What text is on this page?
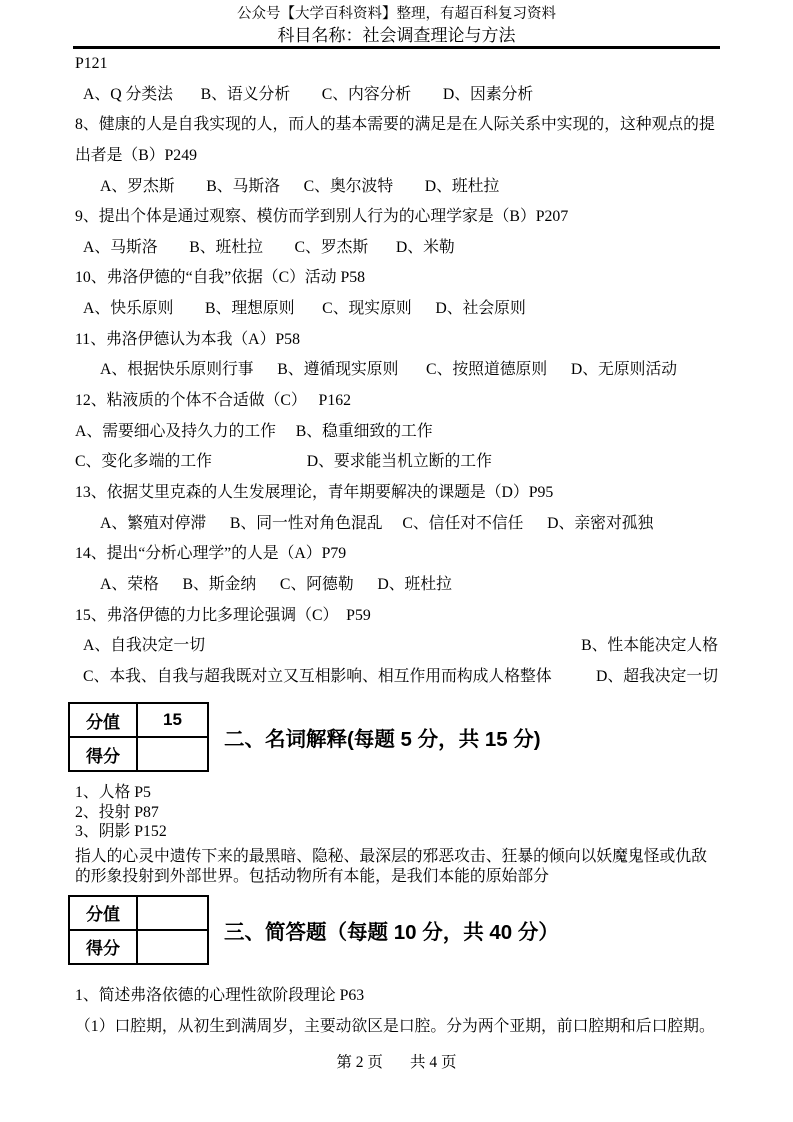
公众号【大学百科资料】整理，有超百科复习资料
科目名称：社会调查理论与方法

P121

A、Q 分类法       B、语义分析        C、内容分析        D、因素分析

8、健康的人是自我实现的人，而人的基本需要的满足是在人际关系中实现的，这种观点的提

出者是（B）P249

A、罗杰斯        B、马斯洛      C、奥尔波特        D、班杜拉

9、提出个体是通过观察、模仿而学到别人行为的心理学家是（B）P207

A、马斯洛        B、班杜拉        C、罗杰斯       D、米勒

10、弗洛伊德的“自我”依据（C）活动 P58

A、快乐原则        B、理想原则       C、现实原则      D、社会原则

11、弗洛伊德认为本我（A）P58

A、根据快乐原则行事      B、遵循现实原则       C、按照道德原则      D、无原则活动

12、粘液质的个体不合适做（C）   P162

A、需要细心及持久力的工作     B、稳重细致的工作

C、变化多端的工作                        D、要求能当机立断的工作

13、依据艾里克森的人生发展理论，青年期要解决的课题是（D）P95

A、繁殖对停滞      B、同一性对角色混乱     C、信任对不信任      D、亲密对孤独

14、提出“分析心理学”的人是（A）P79

A、荣格      B、斯金纳      C、阿德勒      D、班杜拉

15、弗洛伊德的力比多理论强调（C）  P59

A、自我决定一切	B、性本能决定人格

C、本我、自我与超我既对立又互相影响、相互作用而构成人格整体	D、超我决定一切

分值	15
得分	
二、名词解释(每题 5 分，共 15 分)

1、人格 P5

2、投射 P87

3、阴影 P152

指人的心灵中遗传下来的最黑暗、隐秘、最深层的邪恶攻击、狂暴的倾向以妖魔鬼怪或仇敌

的形象投射到外部世界。包括动物所有本能，是我们本能的原始部分

分值	
得分	
三、简答题（每题 10 分，共 40 分）

1、简述弗洛依德的心理性欲阶段理论 P63

（1）口腔期，从初生到满周岁，主要动欲区是口腔。分为两个亚期，前口腔期和后口腔期。

第 2 页       共 4 页
